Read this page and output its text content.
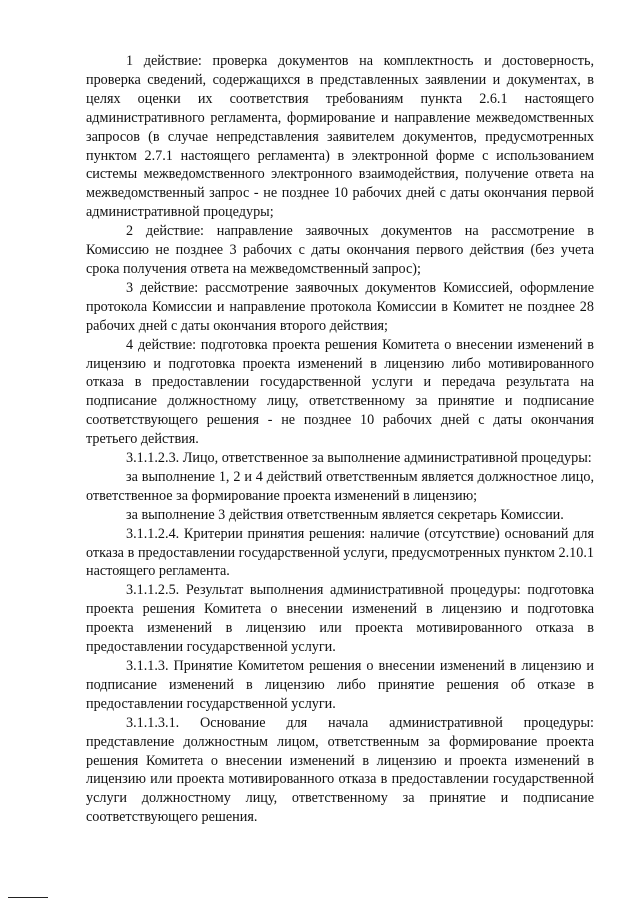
1 действие: проверка документов на комплектность и достоверность, проверка сведений, содержащихся в представленных заявлении и документах, в целях оценки их соответствия требованиям пункта 2.6.1 настоящего административного регламента, формирование и направление межведомственных запросов (в случае непредставления заявителем документов, предусмотренных пунктом 2.7.1 настоящего регламента) в электронной форме с использованием системы межведомственного электронного взаимодействия, получение ответа на межведомственный запрос - не позднее 10 рабочих дней с даты окончания первой административной процедуры;

2 действие: направление заявочных документов на рассмотрение в Комиссию не позднее 3 рабочих с даты окончания первого действия (без учета срока получения ответа на межведомственный запрос);

3 действие: рассмотрение заявочных документов Комиссией, оформление протокола Комиссии и направление протокола Комиссии в Комитет не позднее 28 рабочих дней с даты окончания второго действия;

4 действие: подготовка проекта решения Комитета о внесении изменений в лицензию и подготовка проекта изменений в лицензию либо мотивированного отказа в предоставлении государственной услуги и передача результата на подписание должностному лицу, ответственному за принятие и подписание соответствующего решения - не позднее 10 рабочих дней с даты окончания третьего действия.

3.1.1.2.3. Лицо, ответственное за выполнение административной процедуры:

за выполнение 1, 2 и 4 действий ответственным является должностное лицо, ответственное за формирование проекта изменений в лицензию;

за выполнение 3 действия ответственным является секретарь Комиссии.

3.1.1.2.4. Критерии принятия решения: наличие (отсутствие) оснований для отказа в предоставлении государственной услуги, предусмотренных пунктом 2.10.1 настоящего регламента.

3.1.1.2.5. Результат выполнения административной процедуры: подготовка проекта решения Комитета о внесении изменений в лицензию и подготовка проекта изменений в лицензию или проекта мотивированного отказа в предоставлении государственной услуги.

3.1.1.3. Принятие Комитетом решения о внесении изменений в лицензию и подписание изменений в лицензию либо принятие решения об отказе в предоставлении государственной услуги.

3.1.1.3.1. Основание для начала административной процедуры: представление должностным лицом, ответственным за формирование проекта решения Комитета о внесении изменений в лицензию и проекта изменений в лицензию или проекта мотивированного отказа в предоставлении государственной услуги должностному лицу, ответственному за принятие и подписание соответствующего решения.
